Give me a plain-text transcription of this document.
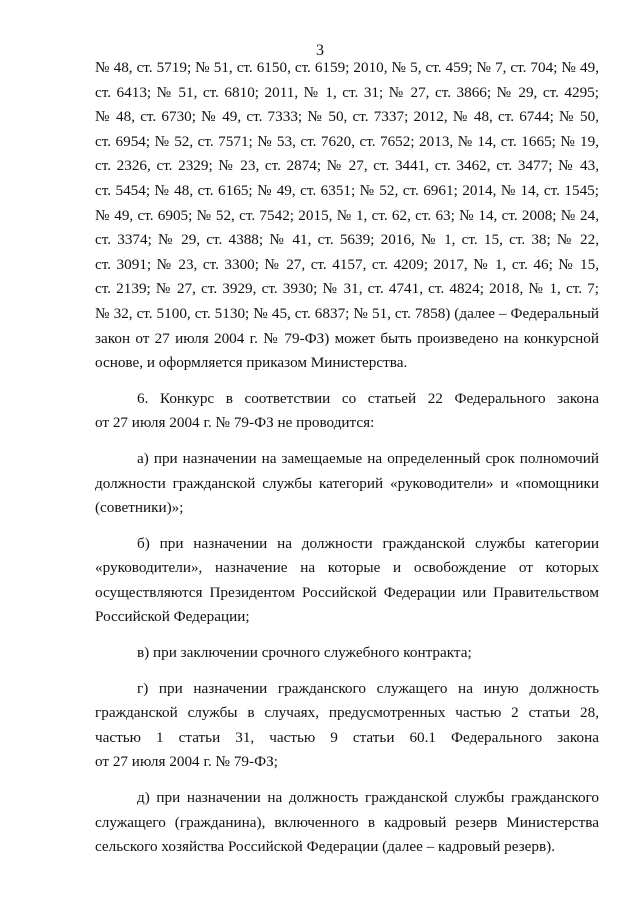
3
№ 48, ст. 5719; № 51, ст. 6150, ст. 6159; 2010, № 5, ст. 459; № 7, ст. 704; № 49,
ст. 6413; № 51, ст. 6810; 2011, № 1, ст. 31; № 27, ст. 3866; № 29, ст. 4295;
№ 48, ст. 6730; № 49, ст. 7333; № 50, ст. 7337; 2012, № 48, ст. 6744; № 50,
ст. 6954; № 52, ст. 7571; № 53, ст. 7620, ст. 7652; 2013, № 14, ст. 1665; № 19,
ст. 2326, ст. 2329; № 23, ст. 2874; № 27, ст. 3441, ст. 3462, ст. 3477; № 43,
ст. 5454; № 48, ст. 6165; № 49, ст. 6351; № 52, ст. 6961; 2014, № 14, ст. 1545;
№ 49, ст. 6905; № 52, ст. 7542; 2015, № 1, ст. 62, ст. 63; № 14, ст. 2008; № 24,
ст. 3374; № 29, ст. 4388; № 41, ст. 5639; 2016, № 1, ст. 15, ст. 38; № 22,
ст. 3091; № 23, ст. 3300; № 27, ст. 4157, ст. 4209; 2017, № 1, ст. 46; № 15,
ст. 2139; № 27, ст. 3929, ст. 3930; № 31, ст. 4741, ст. 4824; 2018, № 1, ст. 7;
№ 32, ст. 5100, ст. 5130; № 45, ст. 6837; № 51, ст. 7858) (далее – Федеральный
закон от 27 июля 2004 г. № 79-ФЗ) может быть произведено на конкурсной
основе, и оформляется приказом Министерства.
6. Конкурс в соответствии со статьей 22 Федерального закона
от 27 июля 2004 г. № 79-ФЗ не проводится:
а) при назначении на замещаемые на определенный срок полномочий
должности гражданской службы категорий «руководители» и «помощники
(советники)»;
б) при назначении на должности гражданской службы категории
«руководители», назначение на которые и освобождение от которых
осуществляются Президентом Российской Федерации или Правительством
Российской Федерации;
в) при заключении срочного служебного контракта;
г) при назначении гражданского служащего на иную должность
гражданской службы в случаях, предусмотренных частью 2 статьи 28,
частью 1 статьи 31, частью 9 статьи 60.1 Федерального закона
от 27 июля 2004 г. № 79-ФЗ;
д) при назначении на должность гражданской службы гражданского
служащего (гражданина), включенного в кадровый резерв Министерства
сельского хозяйства Российской Федерации (далее – кадровый резерв).
